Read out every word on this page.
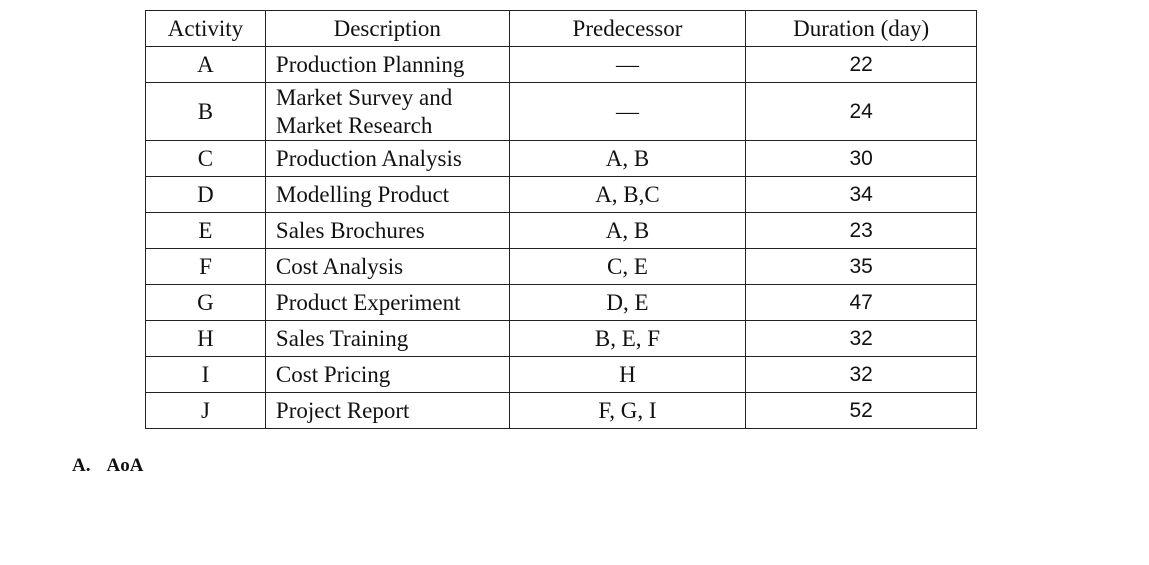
Activity	Description	Predecessor	Duration (day)
A	Production Planning	—	22
B	Market Survey and Market Research	—	24
C	Production Analysis	A, B	30
D	Modelling Product	A, B,C	34
E	Sales Brochures	A, B	23
F	Cost Analysis	C, E	35
G	Product Experiment	D, E	47
H	Sales Training	B, E, F	32
I	Cost Pricing	H	32
J	Project Report	F, G, I	52
A. AoA
